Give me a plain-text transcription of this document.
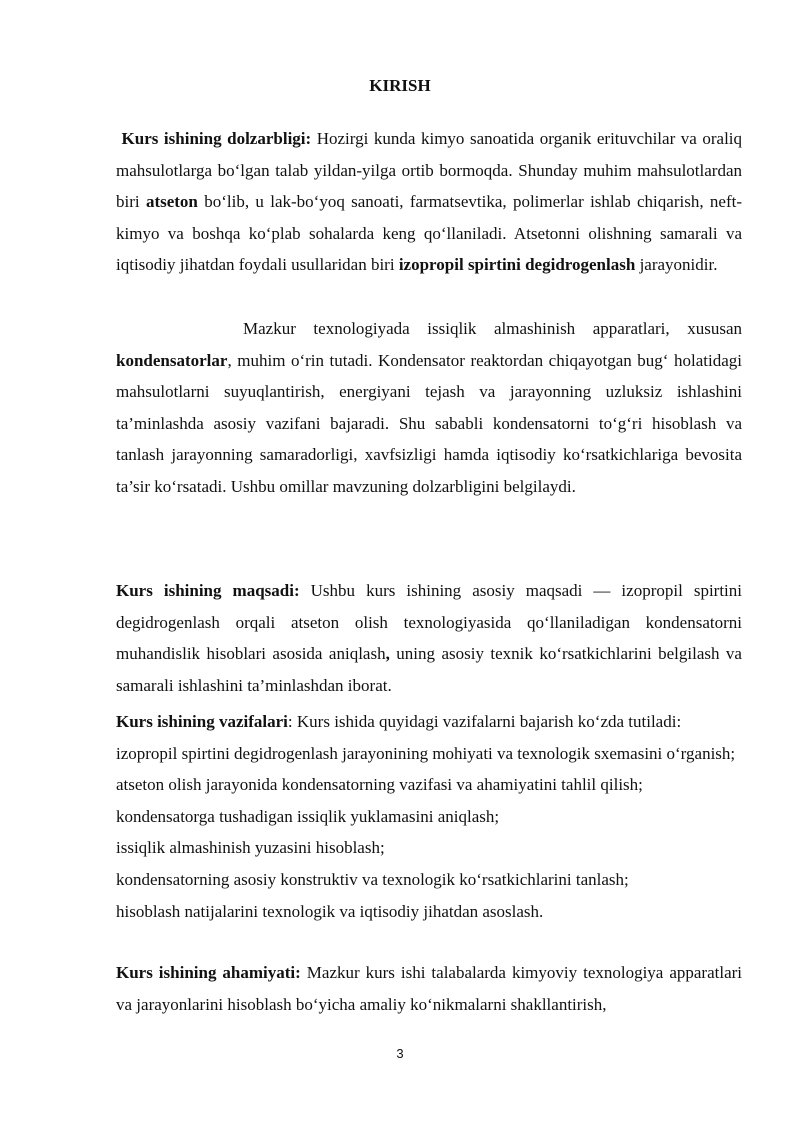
KIRISH
Kurs ishining dolzarbligi: Hozirgi kunda kimyo sanoatida organik erituvchilar va oraliq mahsulotlarga bo‘lgan talab yildan-yilga ortib bormoqda. Shunday muhim mahsulotlardan biri atseton bo‘lib, u lak-bo‘yoq sanoati, farmatsevtika, polimerlar ishlab chiqarish, neft-kimyo va boshqa ko‘plab sohalarda keng qo‘llaniladi. Atsetonni olishning samarali va iqtisodiy jihatdan foydali usullaridan biri izopropil spirtini degidrogenlash jarayonidir.
Mazkur texnologiyada issiqlik almashinish apparatlari, xususan kondensatorlar, muhim o‘rin tutadi. Kondensator reaktordan chiqayotgan bug‘ holatidagi mahsulotlarni suyuqlantirish, energiyani tejash va jarayonning uzluksiz ishlashini ta’minlashda asosiy vazifani bajaradi. Shu sababli kondensatorni to‘g‘ri hisoblash va tanlash jarayonning samaradorligi, xavfsizligi hamda iqtisodiy ko‘rsatkichlariga bevosita ta’sir ko‘rsatadi. Ushbu omillar mavzuning dolzarbligini belgilaydi.
Kurs ishining maqsadi: Ushbu kurs ishining asosiy maqsadi — izopropil spirtini degidrogenlash orqali atseton olish texnologiyasida qo‘llaniladigan kondensatorni muhandislik hisoblari asosida aniqlash, uning asosiy texnik ko‘rsatkichlarini belgilash va samarali ishlashini ta’minlashdan iborat.
Kurs ishining vazifalari: Kurs ishida quyidagi vazifalarni bajarish ko‘zda tutiladi:
izopropil spirtini degidrogenlash jarayonining mohiyati va texnologik sxemasini o‘rganish;
atseton olish jarayonida kondensatorning vazifasi va ahamiyatini tahlil qilish;
kondensatorga tushadigan issiqlik yuklamasini aniqlash;
issiqlik almashinish yuzasini hisoblash;
kondensatorning asosiy konstruktiv va texnologik ko‘rsatkichlarini tanlash;
hisoblash natijalarini texnologik va iqtisodiy jihatdan asoslash.
Kurs ishining ahamiyati: Mazkur kurs ishi talabalarda kimyoviy texnologiya apparatlari va jarayonlarini hisoblash bo‘yicha amaliy ko‘nikmalarni shakllantirish,
3
